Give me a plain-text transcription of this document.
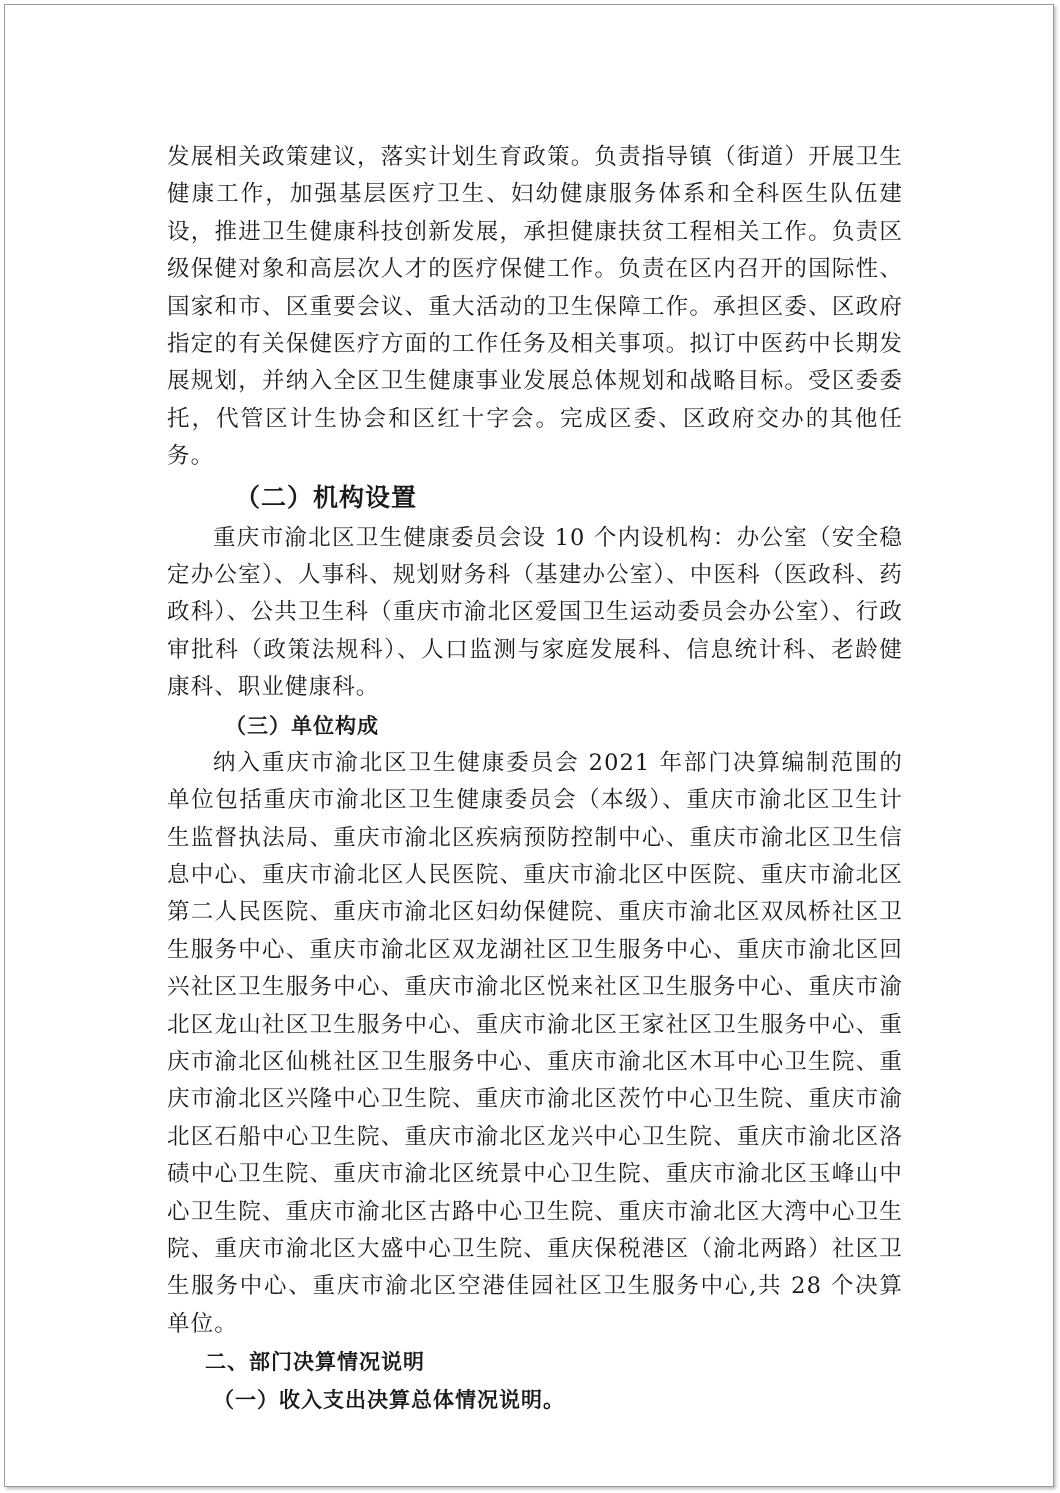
发展相关政策建议，落实计划生育政策。负责指导镇（街道）开展卫生健康工作，加强基层医疗卫生、妇幼健康服务体系和全科医生队伍建设，推进卫生健康科技创新发展，承担健康扶贫工程相关工作。负责区级保健对象和高层次人才的医疗保健工作。负责在区内召开的国际性、国家和市、区重要会议、重大活动的卫生保障工作。承担区委、区政府指定的有关保健医疗方面的工作任务及相关事项。拟订中医药中长期发展规划，并纳入全区卫生健康事业发展总体规划和战略目标。受区委委托，代管区计生协会和区红十字会。完成区委、区政府交办的其他任务。

（二）机构设置

重庆市渝北区卫生健康委员会设 10 个内设机构：办公室（安全稳定办公室）、人事科、规划财务科（基建办公室）、中医科（医政科、药政科）、公共卫生科（重庆市渝北区爱国卫生运动委员会办公室）、行政审批科（政策法规科）、人口监测与家庭发展科、信息统计科、老龄健康科、职业健康科。

（三）单位构成

纳入重庆市渝北区卫生健康委员会 2021 年部门决算编制范围的单位包括重庆市渝北区卫生健康委员会（本级）、重庆市渝北区卫生计生监督执法局、重庆市渝北区疾病预防控制中心、重庆市渝北区卫生信息中心、重庆市渝北区人民医院、重庆市渝北区中医院、重庆市渝北区第二人民医院、重庆市渝北区妇幼保健院、重庆市渝北区双凤桥社区卫生服务中心、重庆市渝北区双龙湖社区卫生服务中心、重庆市渝北区回兴社区卫生服务中心、重庆市渝北区悦来社区卫生服务中心、重庆市渝北区龙山社区卫生服务中心、重庆市渝北区王家社区卫生服务中心、重庆市渝北区仙桃社区卫生服务中心、重庆市渝北区木耳中心卫生院、重庆市渝北区兴隆中心卫生院、重庆市渝北区茨竹中心卫生院、重庆市渝北区石船中心卫生院、重庆市渝北区龙兴中心卫生院、重庆市渝北区洛碛中心卫生院、重庆市渝北区统景中心卫生院、重庆市渝北区玉峰山中心卫生院、重庆市渝北区古路中心卫生院、重庆市渝北区大湾中心卫生院、重庆市渝北区大盛中心卫生院、重庆保税港区（渝北两路）社区卫生服务中心、重庆市渝北区空港佳园社区卫生服务中心,共 28 个决算单位。

二、部门决算情况说明
（一）收入支出决算总体情况说明。
